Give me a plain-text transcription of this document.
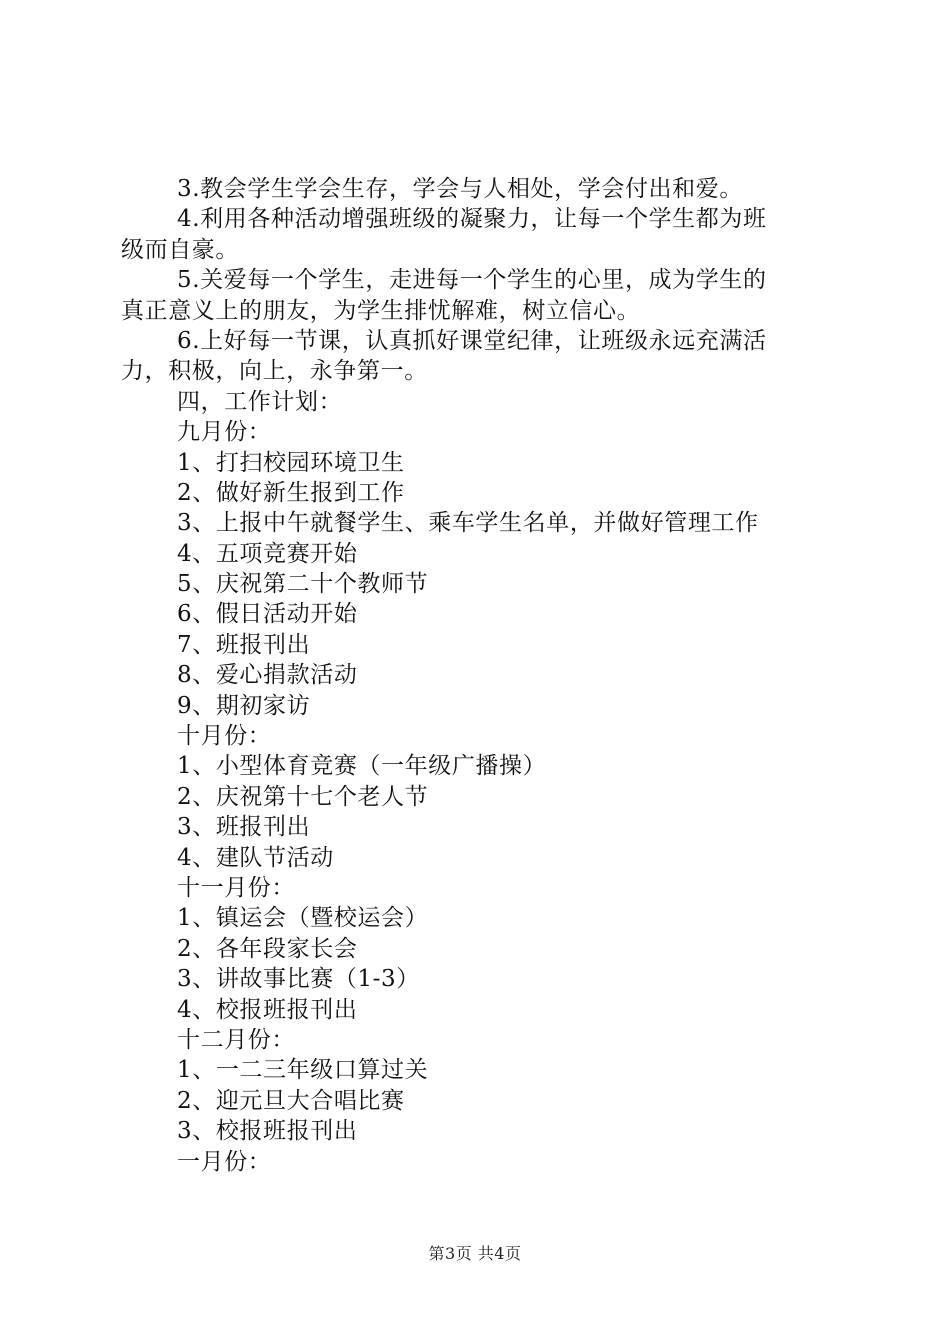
3.教会学生学会生存，学会与人相处，学会付出和爱。
4.利用各种活动增强班级的凝聚力，让每一个学生都为班
级而自豪。
5.关爱每一个学生，走进每一个学生的心里，成为学生的
真正意义上的朋友，为学生排忧解难，树立信心。
6.上好每一节课，认真抓好课堂纪律，让班级永远充满活
力，积极，向上，永争第一。
四，工作计划：
九月份：
1、打扫校园环境卫生
2、做好新生报到工作
3、上报中午就餐学生、乘车学生名单，并做好管理工作
4、五项竞赛开始
5、庆祝第二十个教师节
6、假日活动开始
7、班报刊出
8、爱心捐款活动
9、期初家访
十月份：
1、小型体育竞赛（一年级广播操）
2、庆祝第十七个老人节
3、班报刊出
4、建队节活动
十一月份：
1、镇运会（暨校运会）
2、各年段家长会
3、讲故事比赛（1-3）
4、校报班报刊出
十二月份：
1、一二三年级口算过关
2、迎元旦大合唱比赛
3、校报班报刊出
一月份：
第3页 共4页
